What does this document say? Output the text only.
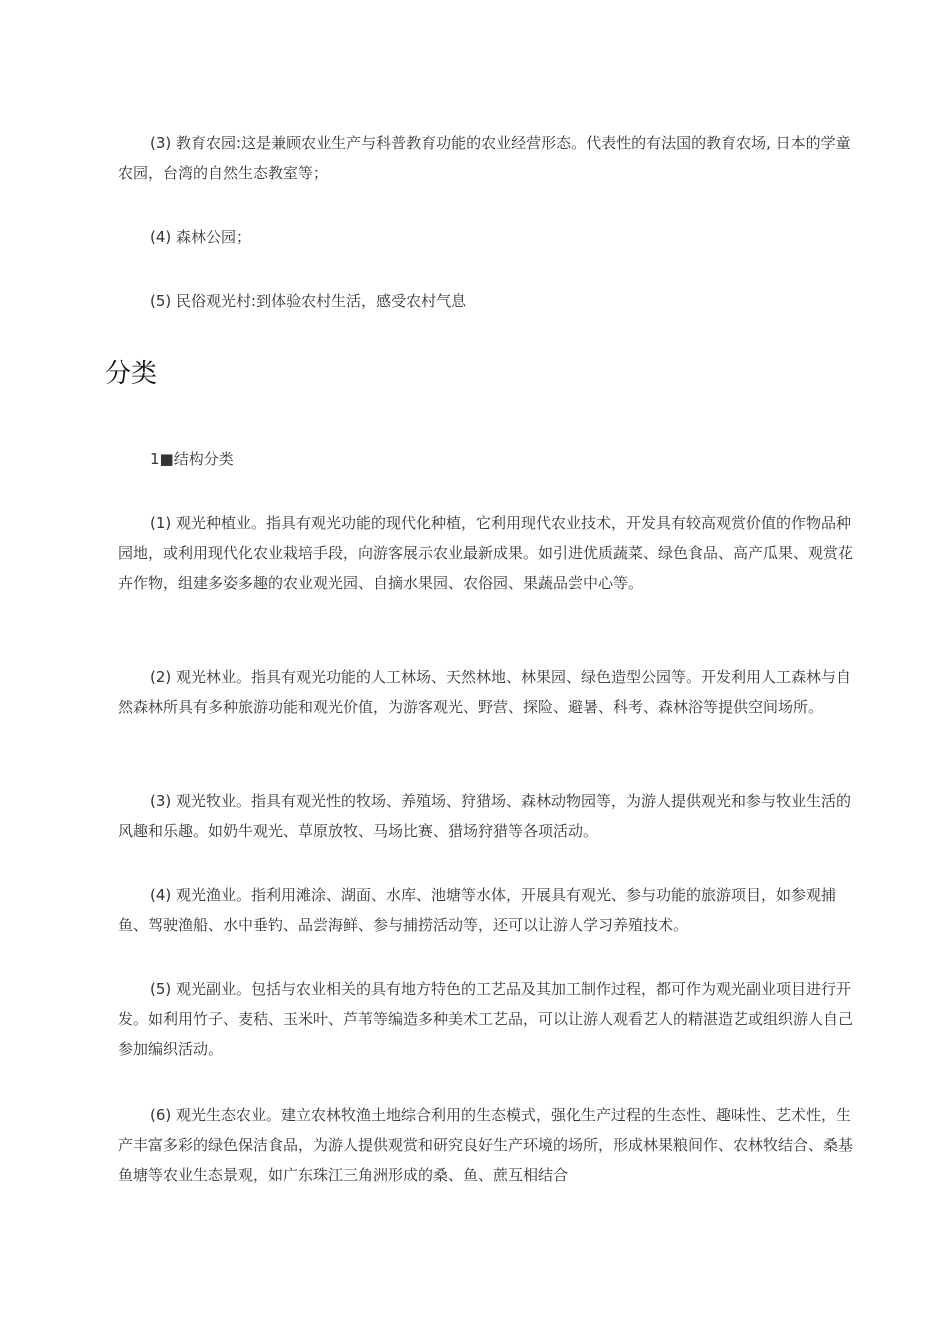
(3) 教育农园:这是兼顾农业生产与科普教育功能的农业经营形态。代表性的有法国的教育农场, 日本的学童农园，台湾的自然生态教室等；

(4) 森林公园；

(5) 民俗观光村:到体验农村生活，感受农村气息

分类

1■结构分类

(1) 观光种植业。指具有观光功能的现代化种植，它利用现代农业技术，开发具有较高观赏价值的作物品种园地，或利用现代化农业栽培手段，向游客展示农业最新成果。如引进优质蔬菜、绿色食品、高产瓜果、观赏花卉作物，组建多姿多趣的农业观光园、自摘水果园、农俗园、果蔬品尝中心等。

(2) 观光林业。指具有观光功能的人工林场、天然林地、林果园、绿色造型公园等。开发利用人工森林与自然森林所具有多种旅游功能和观光价值，为游客观光、野营、探险、避暑、科考、森林浴等提供空间场所。

(3) 观光牧业。指具有观光性的牧场、养殖场、狩猎场、森林动物园等，为游人提供观光和参与牧业生活的风趣和乐趣。如奶牛观光、草原放牧、马场比赛、猎场狩猎等各项活动。

(4) 观光渔业。指利用滩涂、湖面、水库、池塘等水体，开展具有观光、参与功能的旅游项目，如参观捕鱼、驾驶渔船、水中垂钓、品尝海鲜、参与捕捞活动等，还可以让游人学习养殖技术。

(5) 观光副业。包括与农业相关的具有地方特色的工艺品及其加工制作过程，都可作为观光副业项目进行开发。如利用竹子、麦秸、玉米叶、芦苇等编造多种美术工艺品，可以让游人观看艺人的精湛造艺或组织游人自己参加编织活动。

(6) 观光生态农业。建立农林牧渔土地综合利用的生态模式，强化生产过程的生态性、趣味性、艺术性，生产丰富多彩的绿色保洁食品，为游人提供观赏和研究良好生产环境的场所，形成林果粮间作、农林牧结合、桑基鱼塘等农业生态景观，如广东珠江三角洲形成的桑、鱼、蔗互相结合
